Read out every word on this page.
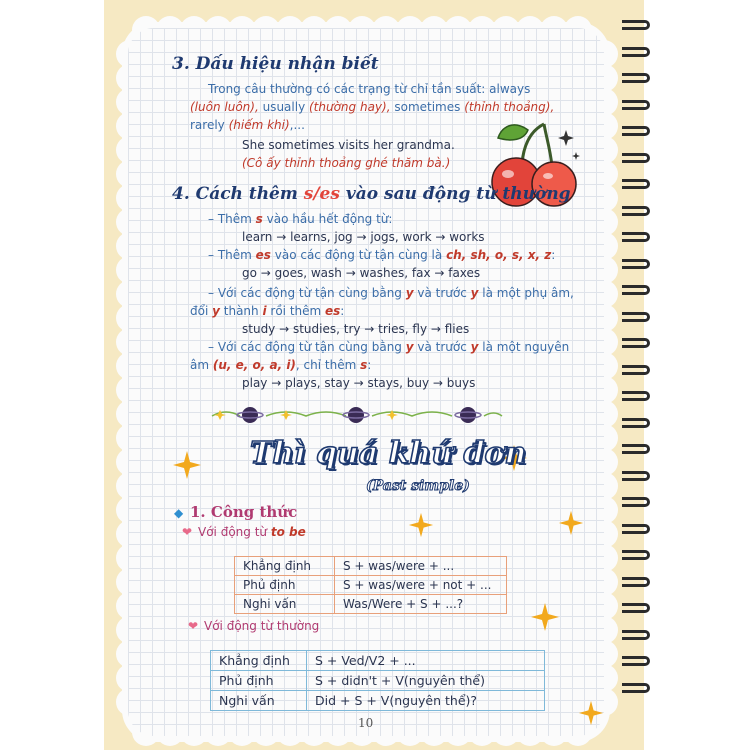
3. Dấu hiệu nhận biết
Trong câu thường có các trạng từ chỉ tần suất: always
(luôn luôn), usually (thường hay), sometimes (thỉnh thoảng),
rarely (hiếm khi),...
She sometimes visits her grandma.
(Cô ấy thỉnh thoảng ghé thăm bà.)
4. Cách thêm s/es vào sau động từ thường
– Thêm s vào hầu hết động từ:
learn → learns, jog → jogs, work → works
– Thêm es vào các động từ tận cùng là ch, sh, o, s, x, z:
go → goes, wash → washes, fax → faxes
– Với các động từ tận cùng bằng y và trước y là một phụ âm,
đổi y thành i rồi thêm es:
study → studies, try → tries, fly → flies
– Với các động từ tận cùng bằng y và trước y là một nguyên
âm (u, e, o, a, i), chỉ thêm s:
play → plays, stay → stays, buy → buys
Thì quá khứ đơn
(Past simple)
◆ 1. Công thức
❤ Với động từ to be
Khẳng định	S + was/were + ...
Phủ định	S + was/were + not + ...
Nghi vấn	Was/Were + S + ...?
❤ Với động từ thường
Khẳng định	S + Ved/V2 + ...
Phủ định	S + didn't + V(nguyên thể)
Nghi vấn	Did + S + V(nguyên thể)?
10
